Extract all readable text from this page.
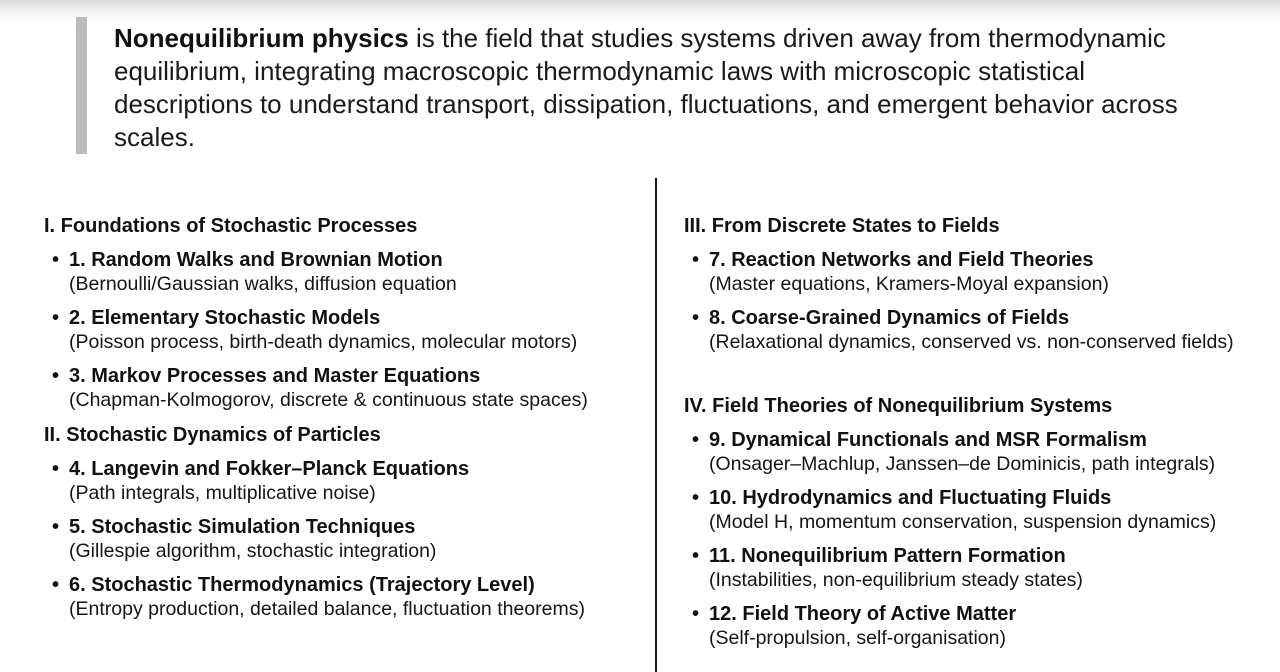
Nonequilibrium physics is the field that studies systems driven away from thermodynamic equilibrium, integrating macroscopic thermodynamic laws with microscopic statistical descriptions to understand transport, dissipation, fluctuations, and emergent behavior across scales.

I. Foundations of Stochastic Processes
• 1. Random Walks and Brownian Motion
(Bernoulli/Gaussian walks, diffusion equation
• 2. Elementary Stochastic Models
(Poisson process, birth-death dynamics, molecular motors)
• 3. Markov Processes and Master Equations
(Chapman-Kolmogorov, discrete & continuous state spaces)
II. Stochastic Dynamics of Particles
• 4. Langevin and Fokker–Planck Equations
(Path integrals, multiplicative noise)
• 5. Stochastic Simulation Techniques
(Gillespie algorithm, stochastic integration)
• 6. Stochastic Thermodynamics (Trajectory Level)
(Entropy production, detailed balance, fluctuation theorems)
III. From Discrete States to Fields
• 7. Reaction Networks and Field Theories
(Master equations, Kramers-Moyal expansion)
• 8. Coarse-Grained Dynamics of Fields
(Relaxational dynamics, conserved vs. non-conserved fields)
IV. Field Theories of Nonequilibrium Systems
• 9. Dynamical Functionals and MSR Formalism
(Onsager–Machlup, Janssen–de Dominicis, path integrals)
• 10. Hydrodynamics and Fluctuating Fluids
(Model H, momentum conservation, suspension dynamics)
• 11. Nonequilibrium Pattern Formation
(Instabilities, non-equilibrium steady states)
• 12. Field Theory of Active Matter
(Self-propulsion, self-organisation)
